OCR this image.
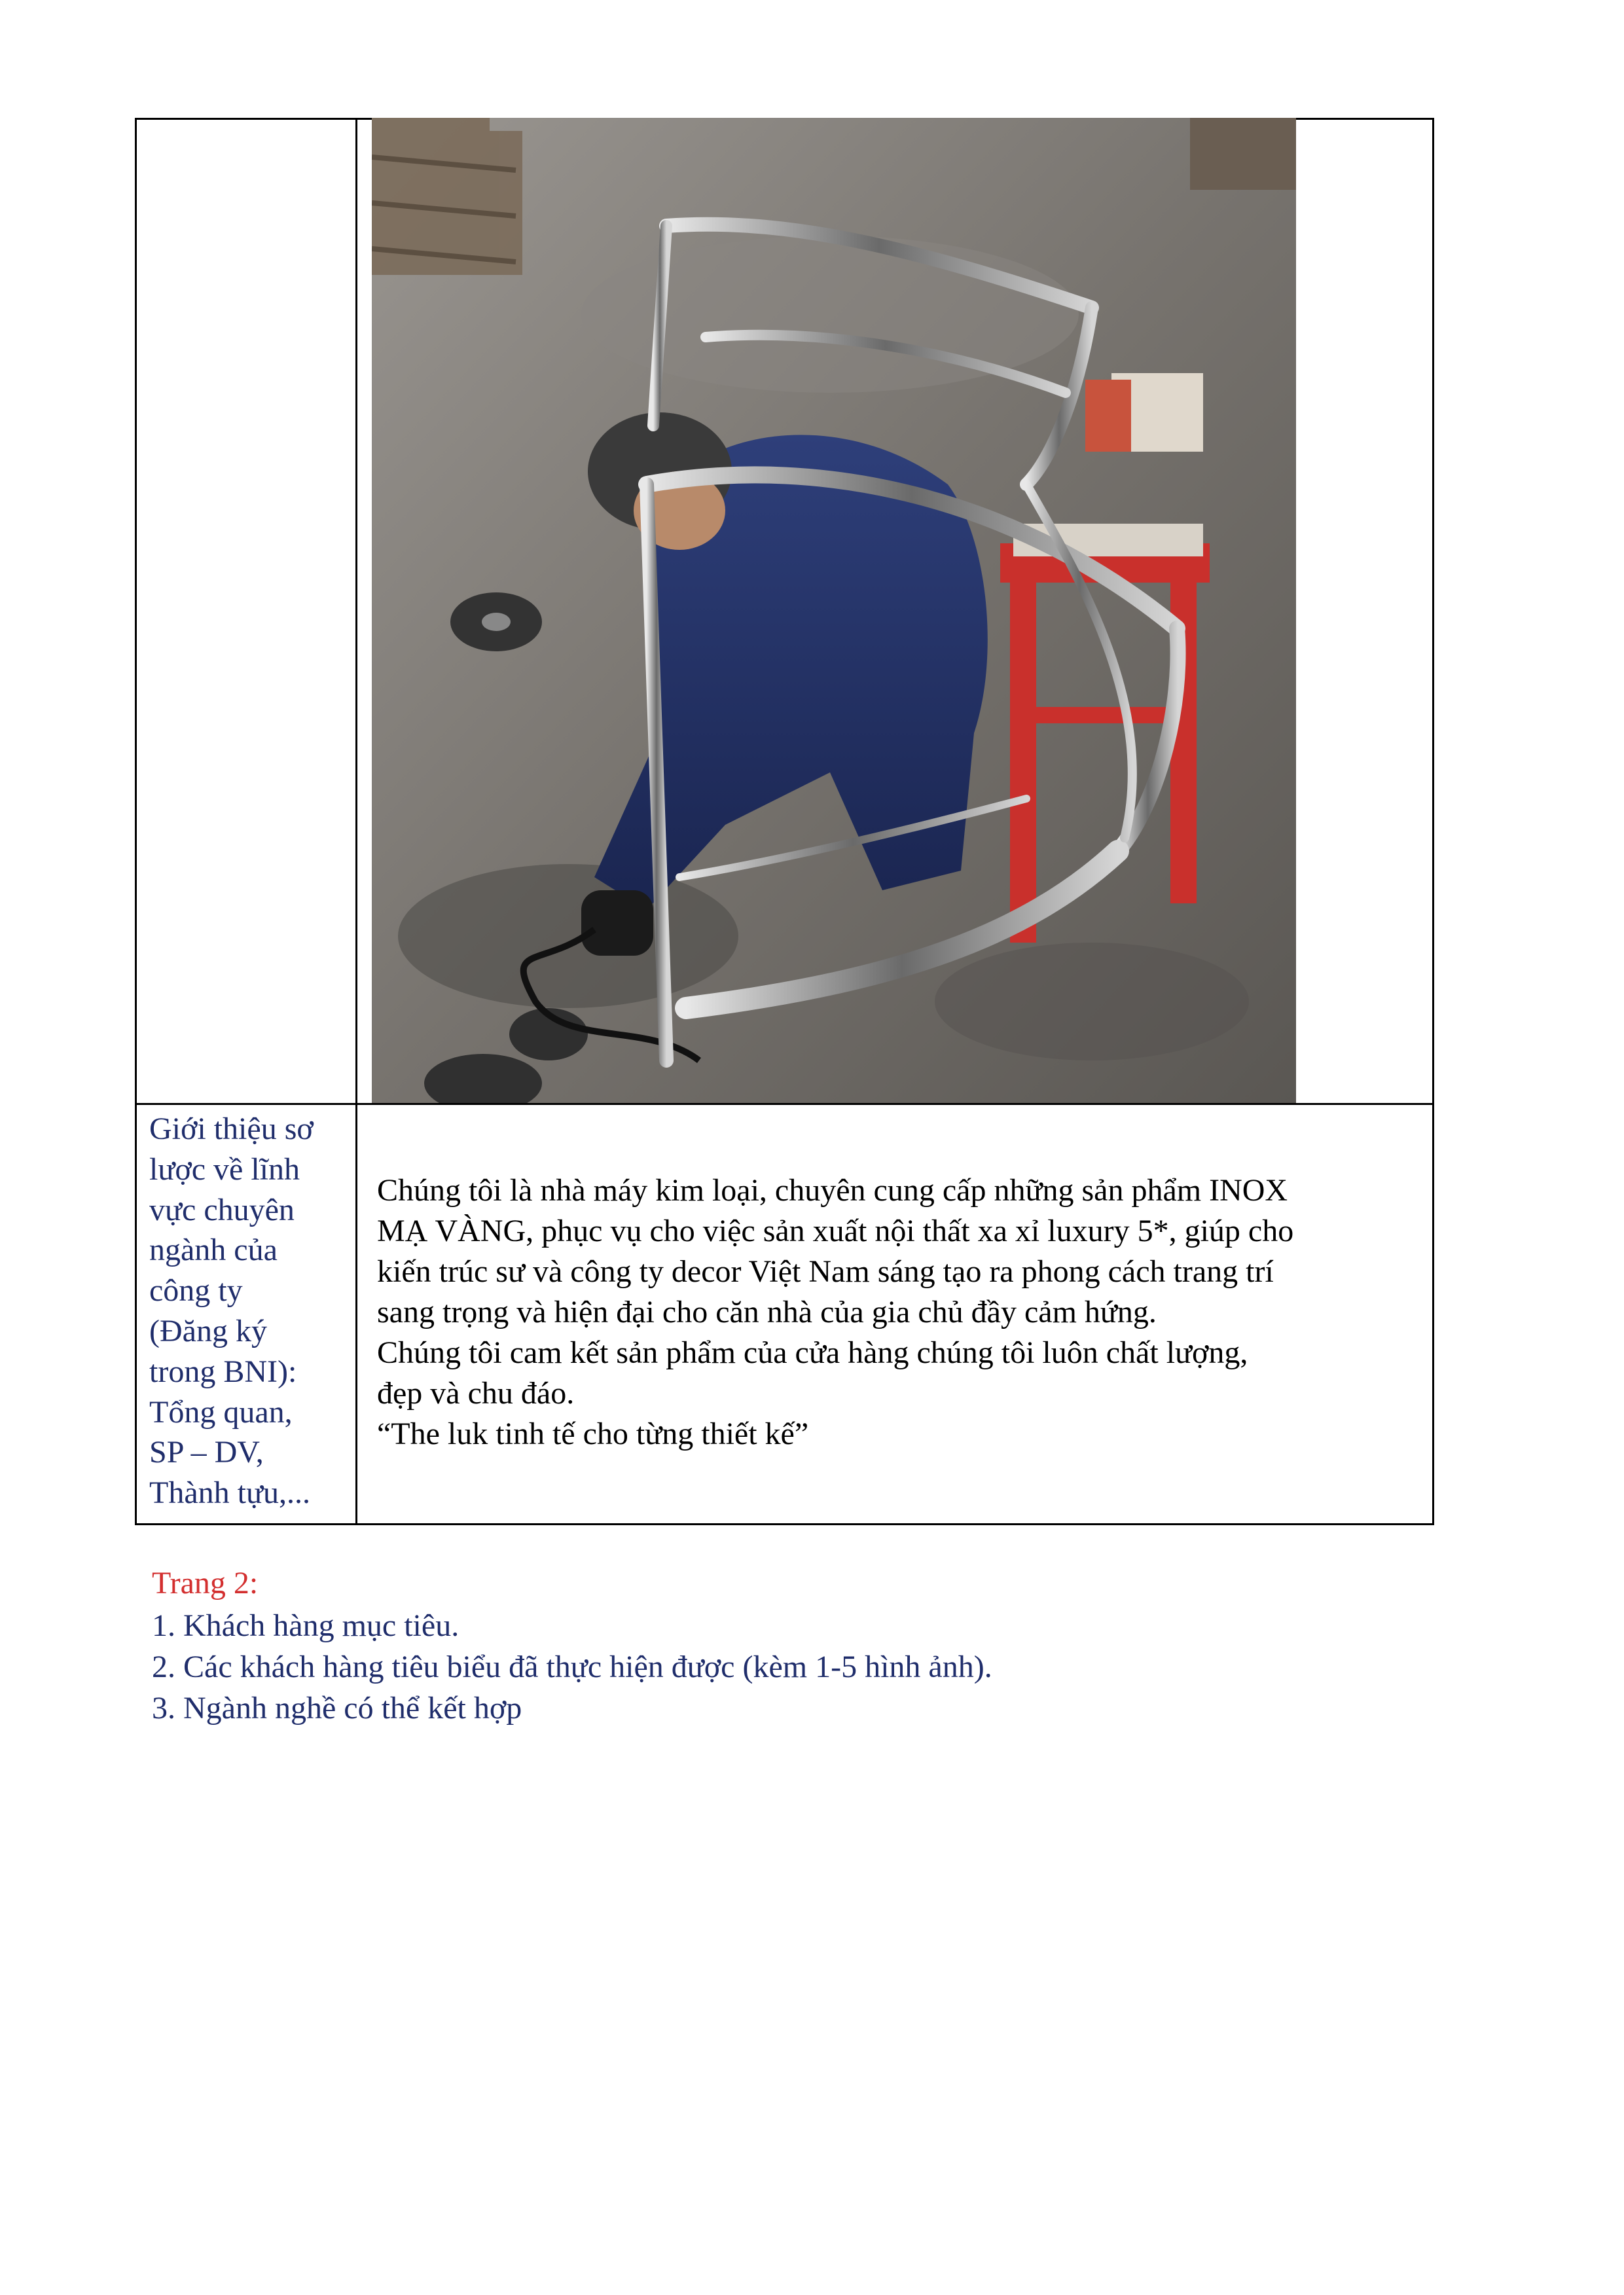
Giới thiệu sơ
lược về lĩnh
vực chuyên
ngành của
công ty
(Đăng ký
trong BNI):
Tổng quan,
SP – DV,
Thành tựu,...
Chúng tôi là nhà máy kim loại, chuyên cung cấp những sản phẩm INOX
MẠ VÀNG, phục vụ cho việc sản xuất nội thất xa xỉ luxury 5*, giúp cho
kiến trúc sư và công ty decor Việt Nam sáng tạo ra phong cách trang trí
sang trọng và hiện đại cho căn nhà của gia chủ đầy cảm hứng.
Chúng tôi cam kết sản phẩm của cửa hàng chúng tôi luôn chất lượng,
đẹp và chu đáo.
“The luk tinh tế cho từng thiết kế”
Trang 2:
1. Khách hàng mục tiêu.
2. Các khách hàng tiêu biểu đã thực hiện được (kèm 1-5 hình ảnh).
3. Ngành nghề có thể kết hợp
